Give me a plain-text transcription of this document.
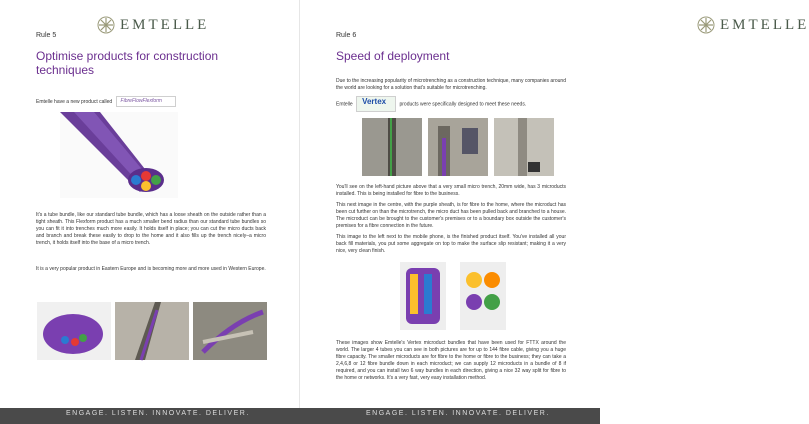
EMTELLE
Rule 5
Optimise products for construction techniques
Emtelle have a new product called FibreFlowFlexform
It's a tube bundle, like our standard tube bundle, which has a loose sheath on the outside rather than a tight sheath. This Flexform product has a much smaller bend radius than our standard tube bundles so you can fit it into trenches much more easily. It holds itself in place; you can cut the micro ducts back and branch and break these easily to drop to the home and it also fills up the trench nicely–a micro trench, it holds itself into the base of a micro trench.
It is a very popular product in Eastern Europe and is becoming more and more used in Western Europe.
EMTELLE
Rule 6
Speed of deployment
Due to the increasing popularity of microtrenching as a construction technique, many companies around the world are looking for a solution that's suitable for microtrenching.
Emtelle Vertex	products were specifically designed to meet these needs.
You'll see on the left-hand picture above that a very small micro trench, 20mm wide, has 3 microducts installed. This is being installed for fibre to the business.
This next image in the centre, with the purple sheath, is for fibre to the home, where the microduct has been cut further on than the microtrench, the micro duct has been pulled back and branched to a house. The microduct can be brought to the customer's premises or to a boundary box outside the customer's premises for a fibre connection in the future.
This image to the left next to the mobile phone, is the finished product itself. You've installed all your back fill materials, you put some aggregate on top to make the surface slip resistant; making it a very nice, very clean finish.
These images show Emtelle's Vertex microduct bundles that have been used for FTTX around the world. The larger 4 tubes you can see in both pictures are for up to 144 fibre cable, giving you a huge fibre capacity. The smaller microducts are for fibre to the home or fibre to the business; they can take a 2,4,6,8 or 12 fibre bundle down in each microduct; we can supply 12 microducts in a bundle of 8 if required, and you can install two 6 way bundles in each direction, giving a nice 32 way split for fibre to the home or networks. It's a very fast, very easy installation method.
ENGAGE. LISTEN. INNOVATE. DELIVER.	ENGAGE. LISTEN. INNOVATE. DELIVER.
